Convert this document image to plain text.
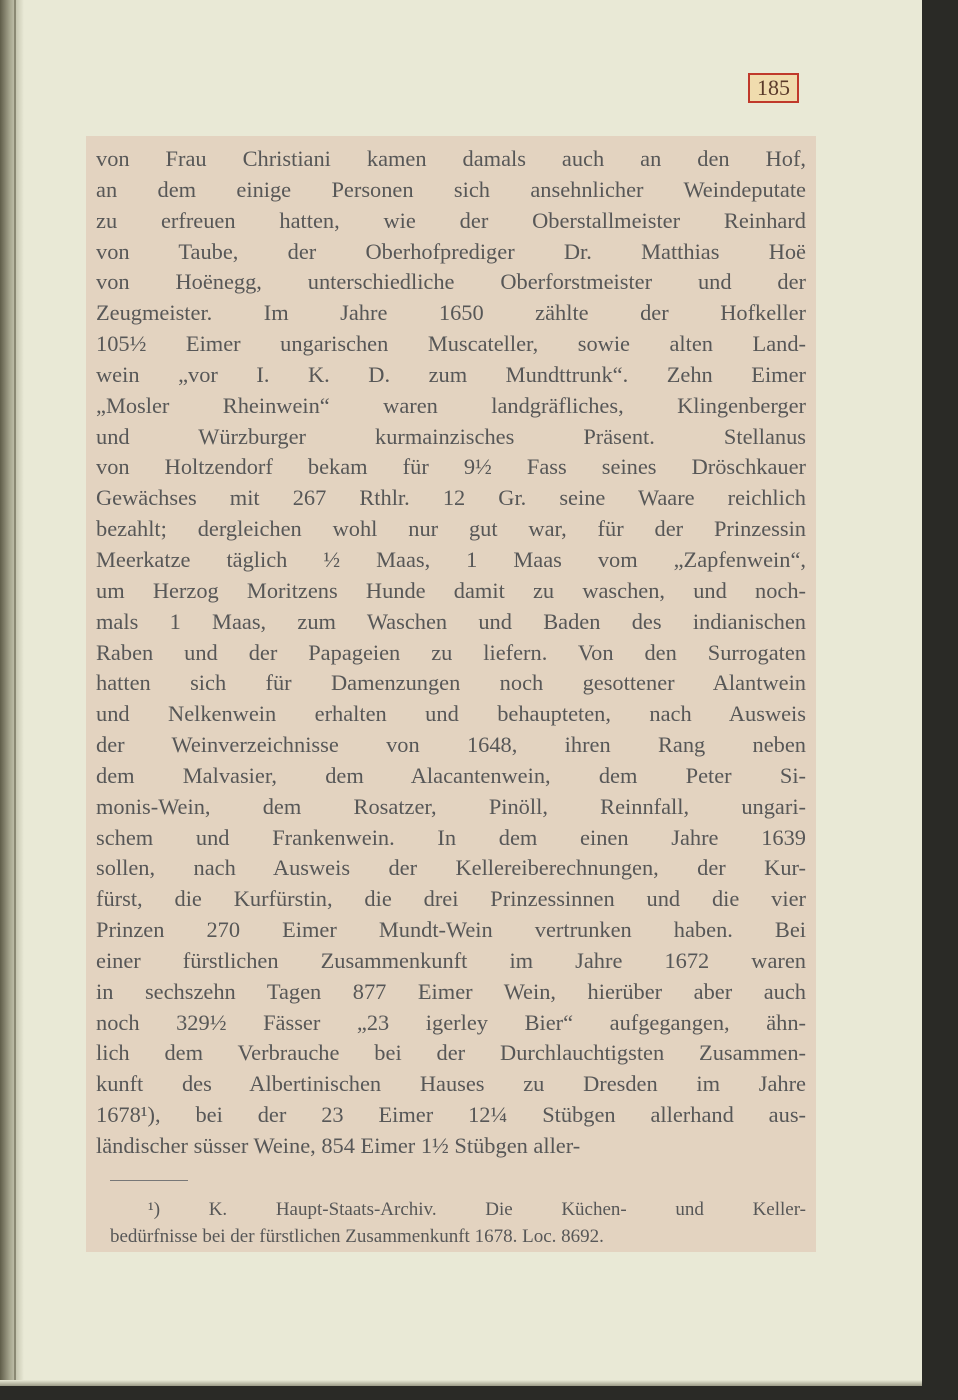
185
von Frau Christiani kamen damals auch an den Hof,
an dem einige Personen sich ansehnlicher Weindeputate
zu erfreuen hatten, wie der Oberstallmeister Reinhard
von Taube, der Oberhofprediger Dr. Matthias Hoë
von Hoënegg, unterschiedliche Oberforstmeister und der
Zeugmeister. Im Jahre 1650 zählte der Hofkeller
105½ Eimer ungarischen Muscateller, sowie alten Land-
wein „vor I. K. D. zum Mundttrunk“. Zehn Eimer
„Mosler Rheinwein“ waren landgräfliches, Klingenberger
und Würzburger kurmainzisches Präsent. Stellanus
von Holtzendorf bekam für 9½ Fass seines Dröschkauer
Gewächses mit 267 Rthlr. 12 Gr. seine Waare reichlich
bezahlt; dergleichen wohl nur gut war, für der Prinzessin
Meerkatze täglich ½ Maas, 1 Maas vom „Zapfenwein“,
um Herzog Moritzens Hunde damit zu waschen, und noch-
mals 1 Maas, zum Waschen und Baden des indianischen
Raben und der Papageien zu liefern. Von den Surrogaten
hatten sich für Damenzungen noch gesottener Alantwein
und Nelkenwein erhalten und behaupteten, nach Ausweis
der Weinverzeichnisse von 1648, ihren Rang neben
dem Malvasier, dem Alacantenwein, dem Peter Si-
monis-Wein, dem Rosatzer, Pinöll, Reinnfall, ungari-
schem und Frankenwein. In dem einen Jahre 1639
sollen, nach Ausweis der Kellereiberechnungen, der Kur-
fürst, die Kurfürstin, die drei Prinzessinnen und die vier
Prinzen 270 Eimer Mundt-Wein vertrunken haben. Bei
einer fürstlichen Zusammenkunft im Jahre 1672 waren
in sechszehn Tagen 877 Eimer Wein, hierüber aber auch
noch 329½ Fässer „23 igerley Bier“ aufgegangen, ähn-
lich dem Verbrauche bei der Durchlauchtigsten Zusammen-
kunft des Albertinischen Hauses zu Dresden im Jahre
1678¹), bei der 23 Eimer 12¼ Stübgen allerhand aus-
ländischer süsser Weine, 854 Eimer 1½ Stübgen aller-
¹) K. Haupt-Staats-Archiv. Die Küchen- und Keller-
bedürfnisse bei der fürstlichen Zusammenkunft 1678. Loc. 8692.
